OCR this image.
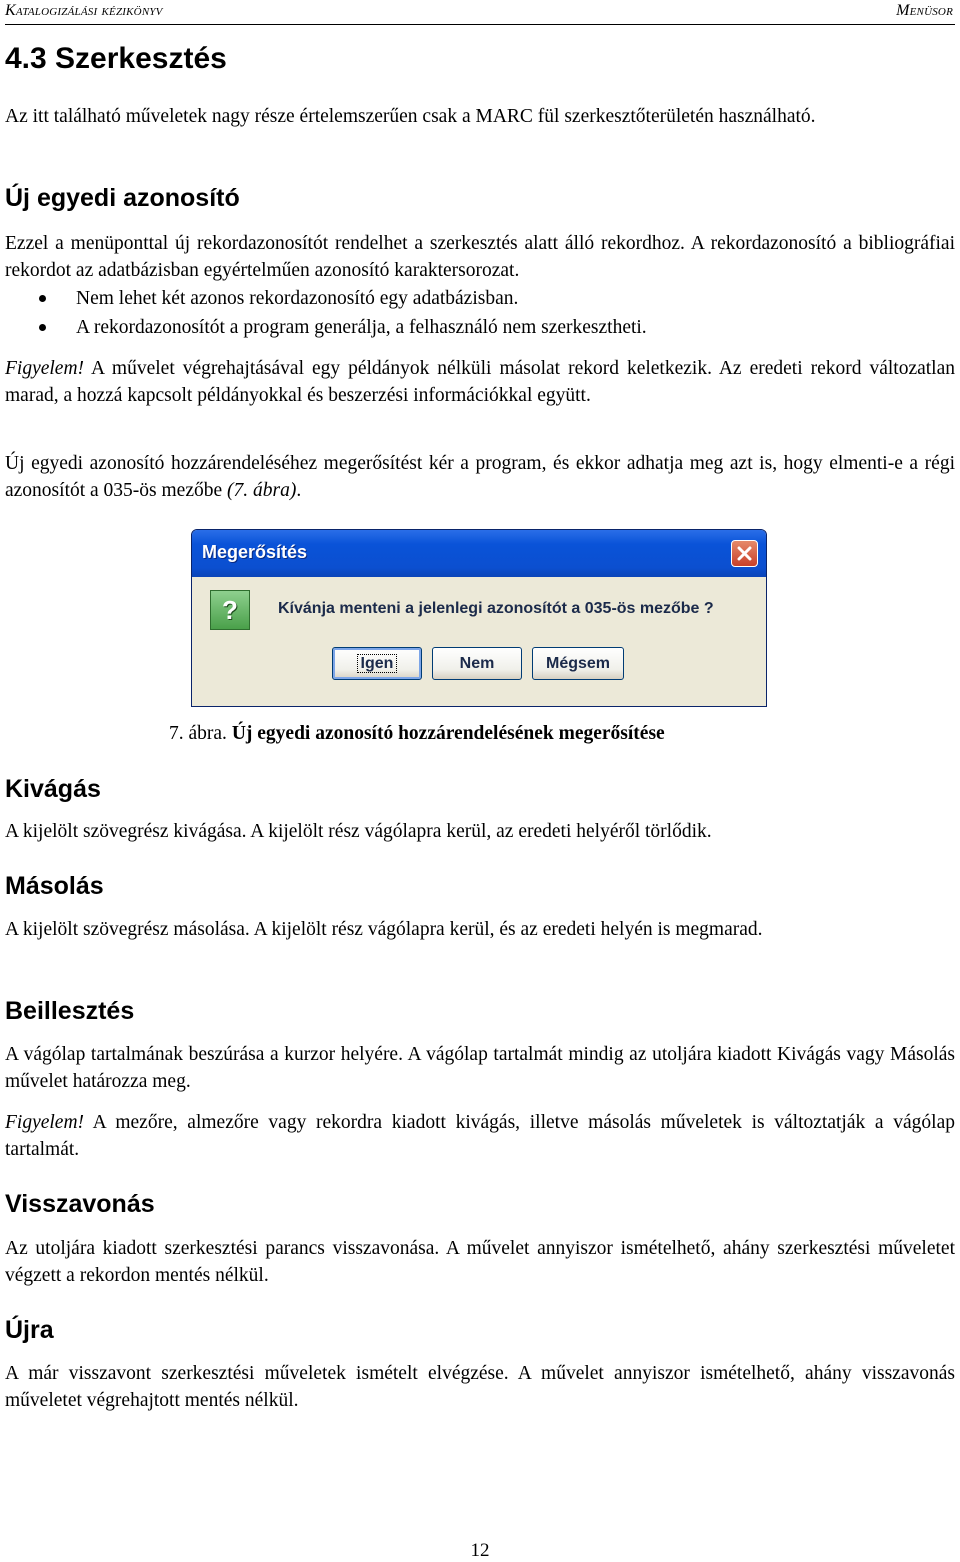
Katalogizálási kézikönyv	Menüsor
4.3 Szerkesztés

Az itt található műveletek nagy része értelemszerűen csak a MARC fül szerkesztőterületén használható.

Új egyedi azonosító

Ezzel a menüponttal új rekordazonosítót rendelhet a szerkesztés alatt álló rekordhoz. A rekordazonosító a bibliográfiai rekordot az adatbázisban egyértelműen azonosító karaktersorozat.

Nem lehet két azonos rekordazonosító egy adatbázisban.
A rekordazonosítót a program generálja, a felhasználó nem szerkesztheti.

Figyelem! A művelet végrehajtásával egy példányok nélküli másolat rekord keletkezik. Az eredeti rekord változatlan marad, a hozzá kapcsolt példányokkal és beszerzési információkkal együtt.

Új egyedi azonosító hozzárendeléséhez megerősítést kér a program, és ekkor adhatja meg azt is, hogy elmenti-e a régi azonosítót a 035-ös mezőbe (7. ábra).

Megerősítés
?	Kívánja menteni a jelenlegi azonosítót a 035-ös mezőbe ?
Igen	Nem	Mégsem
7. ábra. Új egyedi azonosító hozzárendelésének megerősítése
Kivágás

A kijelölt szövegrész kivágása. A kijelölt rész vágólapra kerül, az eredeti helyéről törlődik.

Másolás

A kijelölt szövegrész másolása. A kijelölt rész vágólapra kerül, és az eredeti helyén is megmarad.

Beillesztés

A vágólap tartalmának beszúrása a kurzor helyére. A vágólap tartalmát mindig az utoljára kiadott Kivágás vagy Másolás művelet határozza meg.

Figyelem! A mezőre, almezőre vagy rekordra kiadott kivágás, illetve másolás műveletek is változtatják a vágólap tartalmát.

Visszavonás

Az utoljára kiadott szerkesztési parancs visszavonása. A művelet annyiszor ismételhető, ahány szerkesztési műveletet végzett a rekordon mentés nélkül.

Újra

A már visszavont szerkesztési műveletek ismételt elvégzése. A művelet annyiszor ismételhető, ahány visszavonás műveletet végrehajtott mentés nélkül.

12
